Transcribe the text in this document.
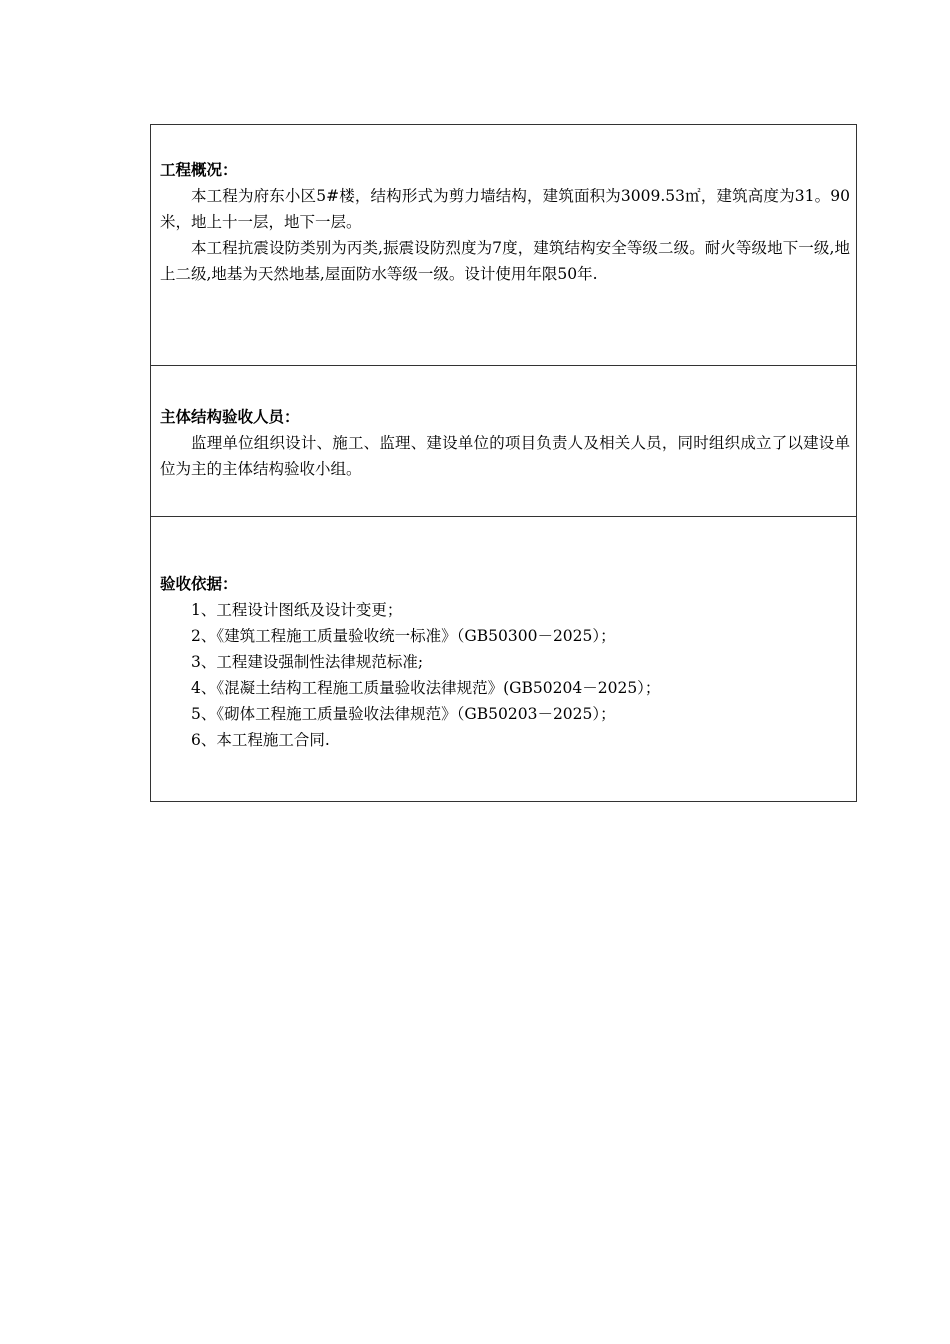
工程概况：

本工程为府东小区5#楼，结构形式为剪力墙结构，建筑面积为3009.53㎡，建筑高度为31。90米，地上十一层，地下一层。

本工程抗震设防类别为丙类,振震设防烈度为7度，建筑结构安全等级二级。耐火等级地下一级,地上二级,地基为天然地基,屋面防水等级一级。设计使用年限50年.

主体结构验收人员：

监理单位组织设计、施工、监理、建设单位的项目负责人及相关人员，同时组织成立了以建设单位为主的主体结构验收小组。

验收依据：

1、工程设计图纸及设计变更；
2、《建筑工程施工质量验收统一标准》（GB50300－2025）；
3、工程建设强制性法律规范标准;
4、《混凝土结构工程施工质量验收法律规范》(GB50204－2025）；
5、《砌体工程施工质量验收法律规范》（GB50203－2025）；
6、本工程施工合同.
